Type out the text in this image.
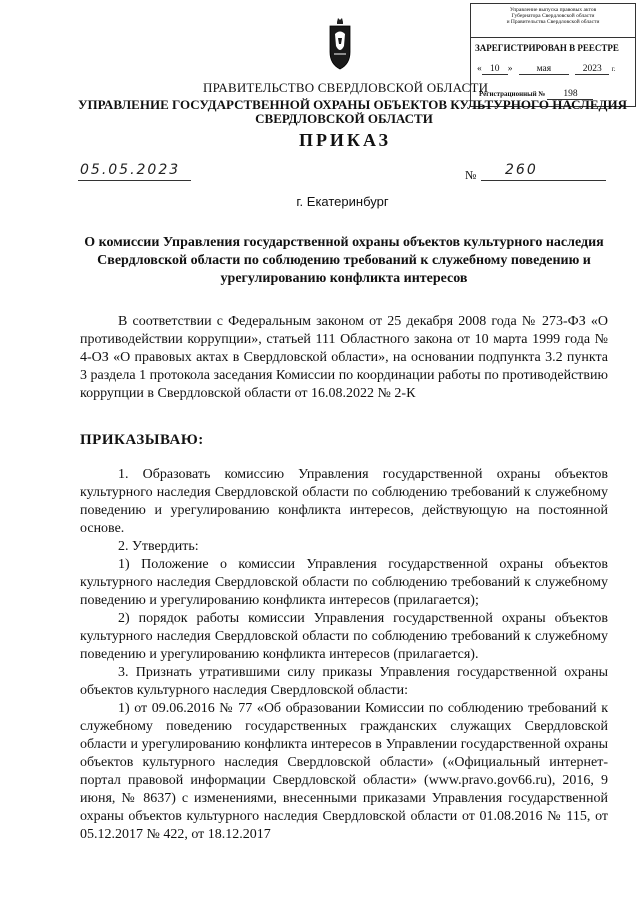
Управление выпуска правовых актов
Губернатора Свердловской области
и Правительства Свердловской области
ЗАРЕГИСТРИРОВАН В РЕЕСТРЕ
« 10 » мая	2023 г.
Регистрационный № 198
ПРАВИТЕЛЬСТВО СВЕРДЛОВСКОЙ ОБЛАСТИ
УПРАВЛЕНИЕ ГОСУДАРСТВЕННОЙ ОХРАНЫ ОБЪЕКТОВ КУЛЬТУРНОГО НАСЛЕДИЯ
СВЕРДЛОВСКОЙ ОБЛАСТИ
ПРИКАЗ
05.05.2023	№ 260
г. Екатеринбург
О комиссии Управления государственной охраны объектов культурного наследия Свердловской области по соблюдению требований к служебному поведению и урегулированию конфликта интересов
В соответствии с Федеральным законом от 25 декабря 2008 года № 273-ФЗ «О противодействии коррупции», статьей 111 Областного закона от 10 марта 1999 года № 4-ОЗ «О правовых актах в Свердловской области», на основании подпункта 3.2 пункта 3 раздела 1 протокола заседания Комиссии по координации работы по противодействию коррупции в Свердловской области от 16.08.2022 № 2-К
ПРИКАЗЫВАЮ:
1. Образовать комиссию Управления государственной охраны объектов культурного наследия Свердловской области по соблюдению требований к служебному поведению и урегулированию конфликта интересов, действующую на постоянной основе.
2. Утвердить:
1) Положение о комиссии Управления государственной охраны объектов культурного наследия Свердловской области по соблюдению требований к служебному поведению и урегулированию конфликта интересов (прилагается);
2) порядок работы комиссии Управления государственной охраны объектов культурного наследия Свердловской области по соблюдению требований к служебному поведению и урегулированию конфликта интересов (прилагается).
3. Признать утратившими силу приказы Управления государственной охраны объектов культурного наследия Свердловской области:
1) от 09.06.2016 № 77 «Об образовании Комиссии по соблюдению требований к служебному поведению государственных гражданских служащих Свердловской области и урегулированию конфликта интересов в Управлении государственной охраны объектов культурного наследия Свердловской области» («Официальный интернет-портал правовой информации Свердловской области» (www.pravo.gov66.ru), 2016, 9 июня, № 8637) с изменениями, внесенными приказами Управления государственной охраны объектов культурного наследия Свердловской области от 01.08.2016 № 115, от 05.12.2017 № 422, от 18.12.2017
